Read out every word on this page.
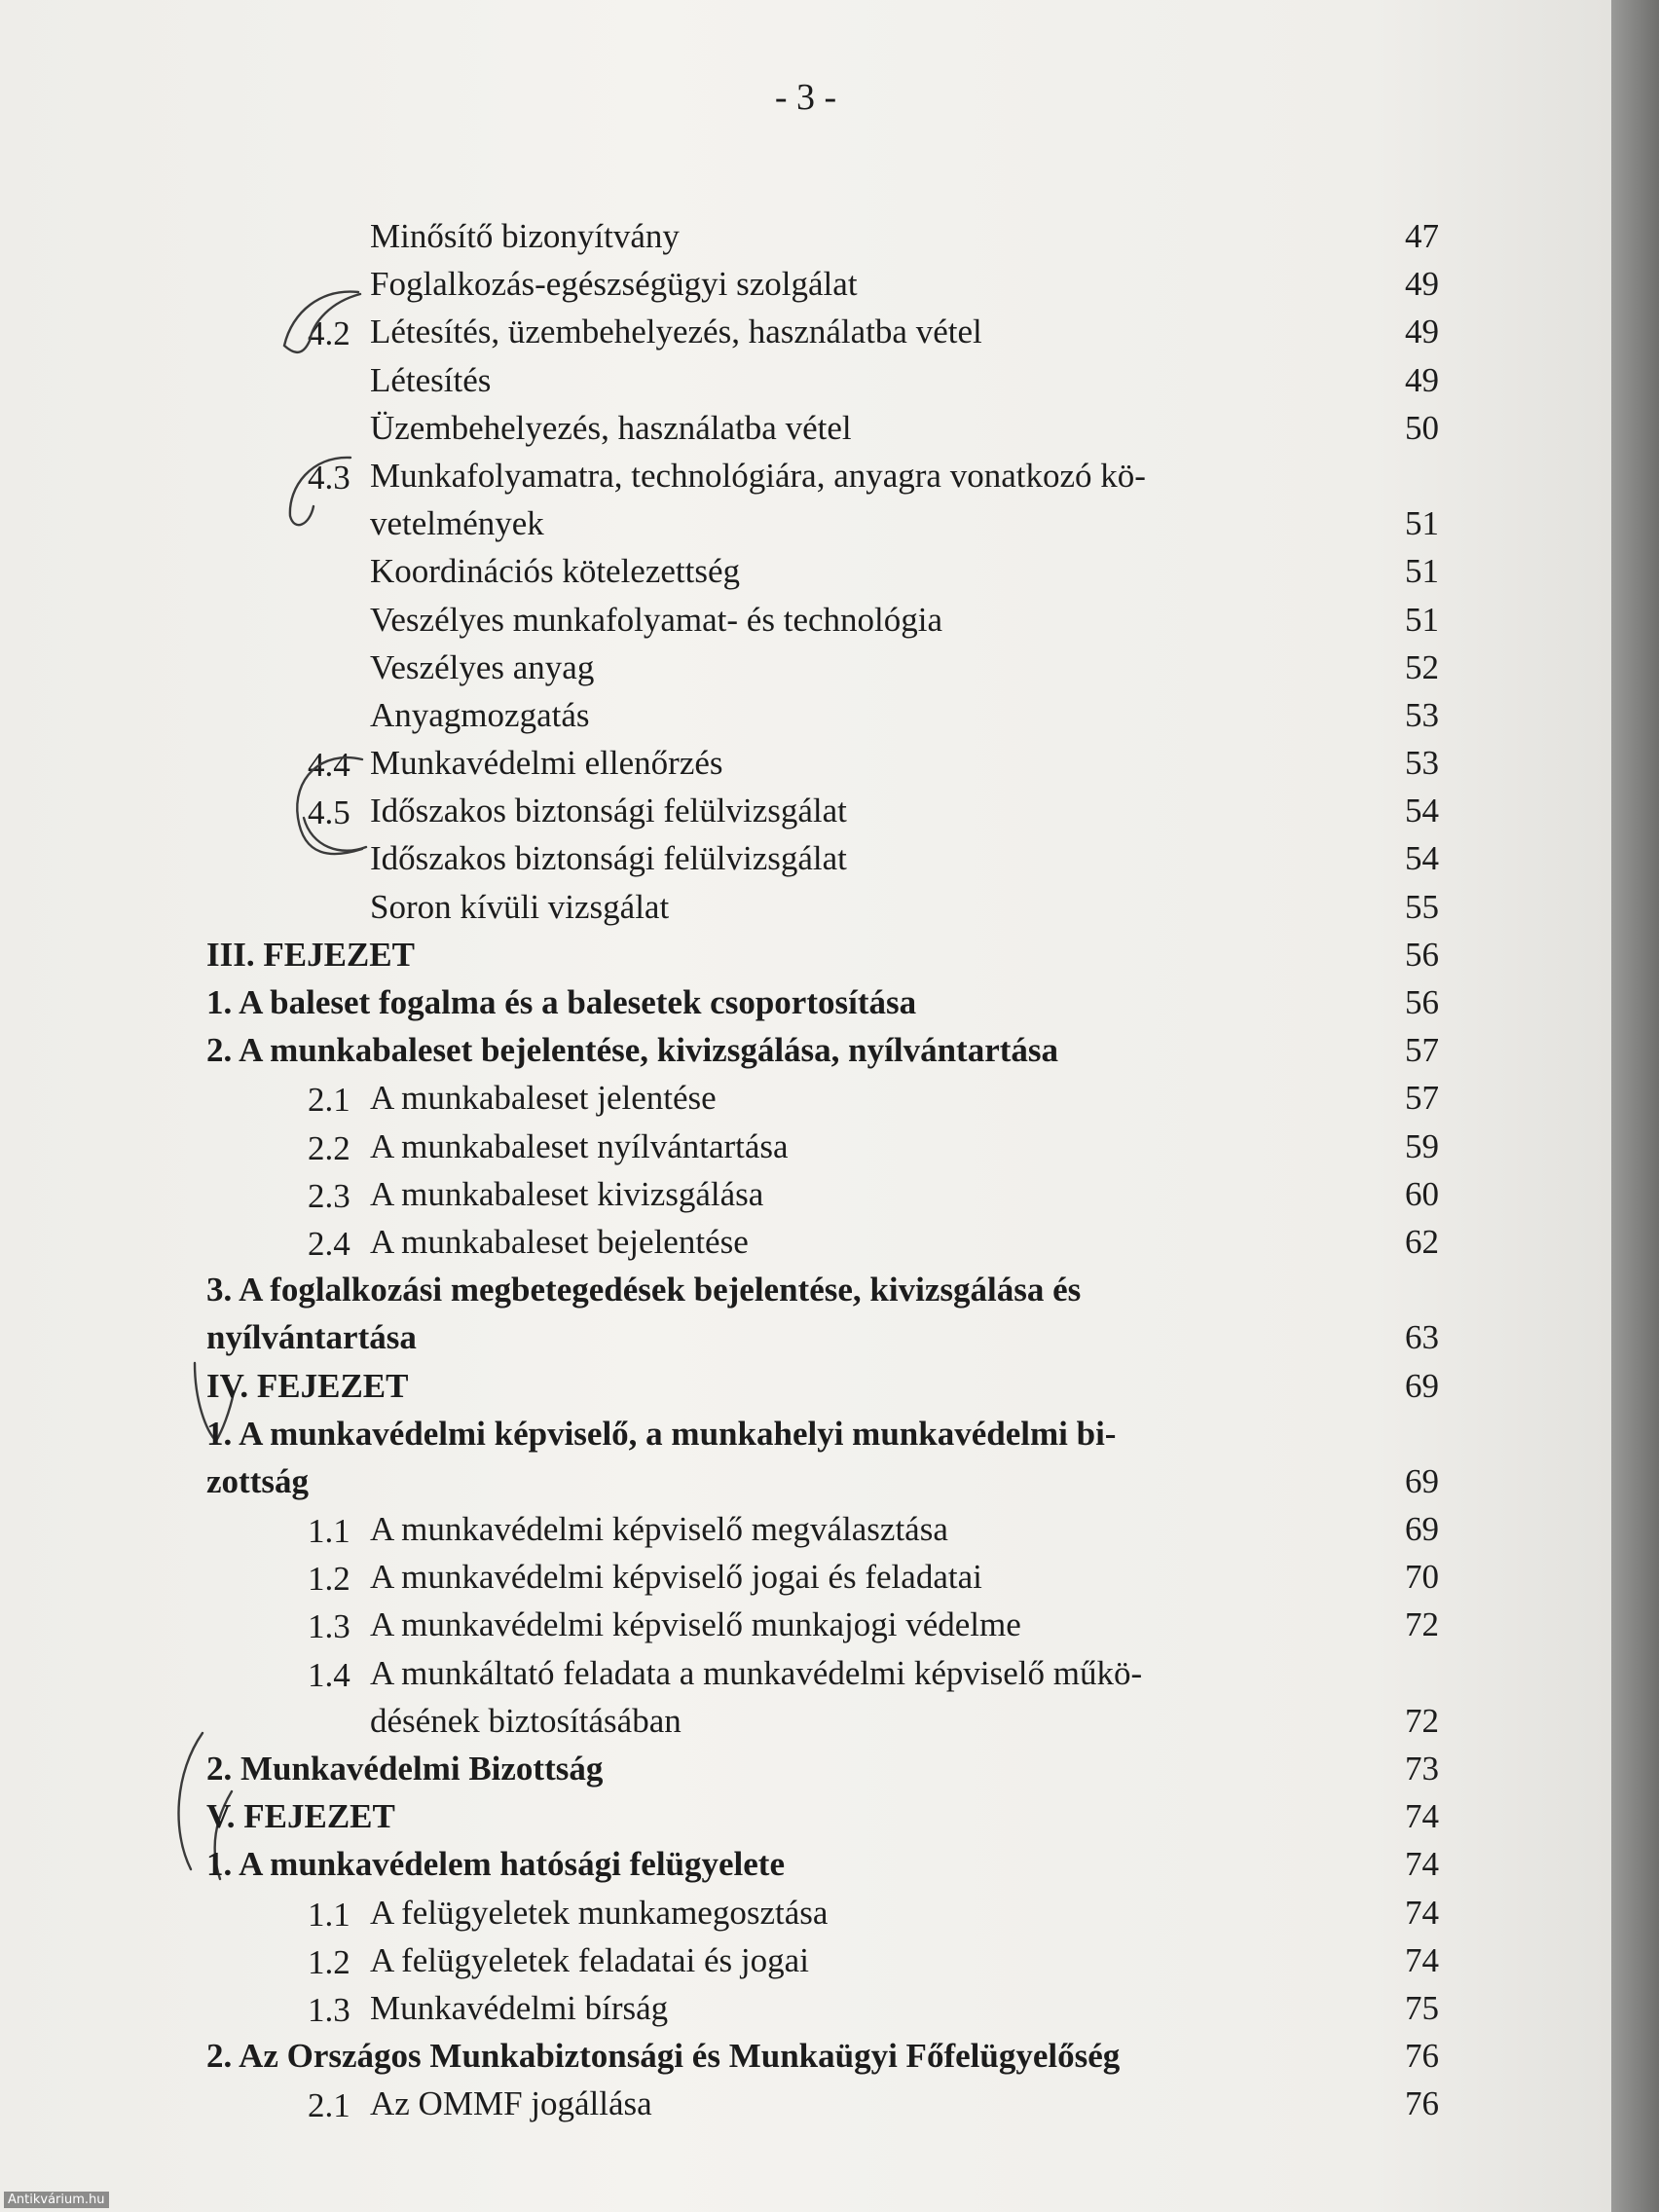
- 3 -
Minősítő bizonyítvány	47
Foglalkozás-egészségügyi szolgálat	49
4.2 Létesítés, üzembehelyezés, használatba vétel	49
Létesítés	49
Üzembehelyezés, használatba vétel	50
4.3 Munkafolyamatra, technológiára, anyagra vonatkozó kö-
vetelmények	51
Koordinációs kötelezettség	51
Veszélyes munkafolyamat- és technológia	51
Veszélyes anyag	52
Anyagmozgatás	53
4.4 Munkavédelmi ellenőrzés	53
4.5 Időszakos biztonsági felülvizsgálat	54
Időszakos biztonsági felülvizsgálat	54
Soron kívüli vizsgálat	55
III. FEJEZET	56
1. A baleset fogalma és a balesetek csoportosítása	56
2. A munkabaleset bejelentése, kivizsgálása, nyílvántartása	57
2.1 A munkabaleset jelentése	57
2.2 A munkabaleset nyílvántartása	59
2.3 A munkabaleset kivizsgálása	60
2.4 A munkabaleset bejelentése	62
3. A foglalkozási megbetegedések bejelentése, kivizsgálása és
nyílvántartása	63
IV. FEJEZET	69
1. A munkavédelmi képviselő, a munkahelyi munkavédelmi bi-
zottság	69
1.1 A munkavédelmi képviselő megválasztása	69
1.2 A munkavédelmi képviselő jogai és feladatai	70
1.3 A munkavédelmi képviselő munkajogi védelme	72
1.4 A munkáltató feladata a munkavédelmi képviselő műkö-
désének biztosításában	72
2. Munkavédelmi Bizottság	73
V. FEJEZET	74
1. A munkavédelem hatósági felügyelete	74
1.1 A felügyeletek munkamegosztása	74
1.2 A felügyeletek feladatai és jogai	74
1.3 Munkavédelmi bírság	75
2. Az Országos Munkabiztonsági és Munkaügyi Főfelügyelőség	76
2.1 Az OMMF jogállása	76
Antikvárium.hu
